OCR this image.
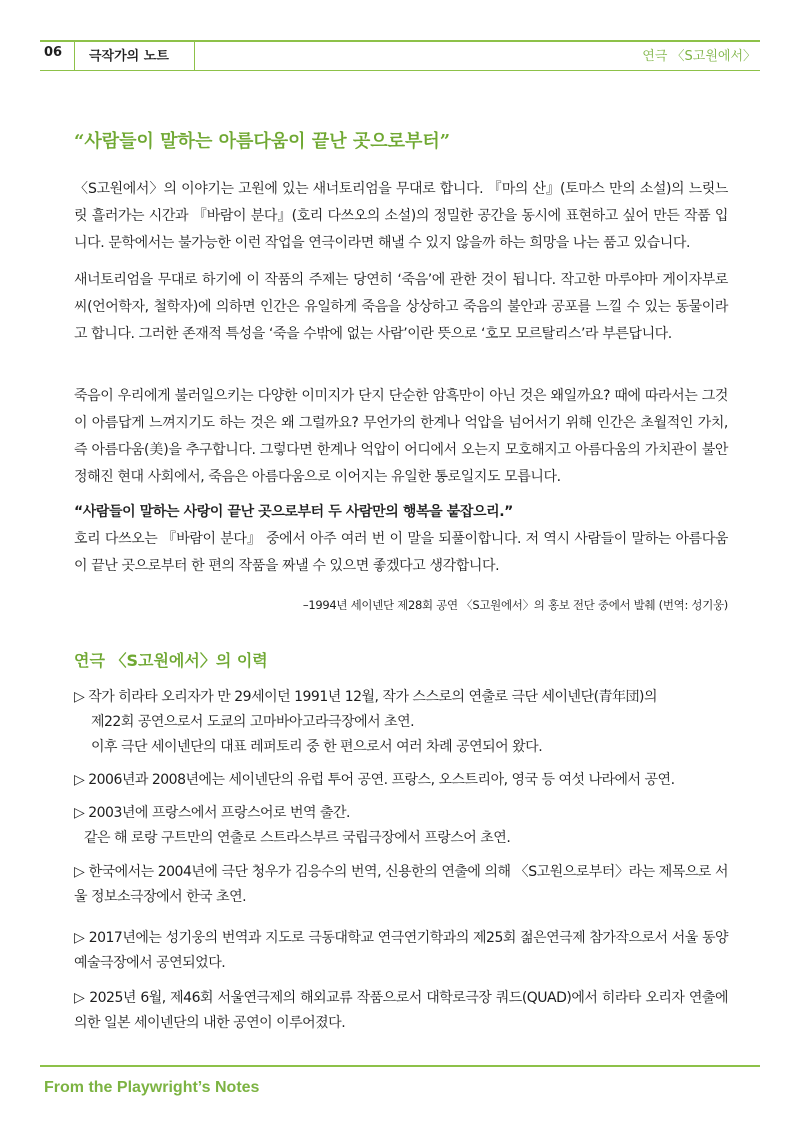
06 극작가의 노트	연극 〈S고원에서〉
“사람들이 말하는 아름다움이 끝난 곳으로부터”

〈S고원에서〉의 이야기는 고원에 있는 새너토리엄을 무대로 합니다. 『마의 산』(토마스 만의 소설)의 느릿느릿 흘러가는 시간과 『바람이 분다』(호리 다쓰오의 소설)의 정밀한 공간을 동시에 표현하고 싶어 만든 작품 입니다. 문학에서는 불가능한 이런 작업을 연극이라면 해낼 수 있지 않을까 하는 희망을 나는 품고 있습니다.

새너토리엄을 무대로 하기에 이 작품의 주제는 당연히 ‘죽음’에 관한 것이 됩니다. 작고한 마루야마 게이자부로 씨(언어학자, 철학자)에 의하면 인간은 유일하게 죽음을 상상하고 죽음의 불안과 공포를 느낄 수 있는 동물이라고 합니다. 그러한 존재적 특성을 ‘죽을 수밖에 없는 사람’이란 뜻으로 ‘호모 모르탈리스’라 부른답니다.

죽음이 우리에게 불러일으키는 다양한 이미지가 단지 단순한 암흑만이 아닌 것은 왜일까요? 때에 따라서는 그것이 아름답게 느껴지기도 하는 것은 왜 그럴까요? 무언가의 한계나 억압을 넘어서기 위해 인간은 초월적인 가치, 즉 아름다움(美)을 추구합니다. 그렇다면 한계나 억압이 어디에서 오는지 모호해지고 아름다움의 가치관이 불안정해진 현대 사회에서, 죽음은 아름다움으로 이어지는 유일한 통로일지도 모릅니다.

“사람들이 말하는 사랑이 끝난 곳으로부터 두 사람만의 행복을 붙잡으리.”

호리 다쓰오는 『바람이 분다』 중에서 아주 여러 번 이 말을 되풀이합니다. 저 역시 사람들이 말하는 아름다움이 끝난 곳으로부터 한 편의 작품을 짜낼 수 있으면 좋겠다고 생각합니다.

–1994년 세이넨단 제28회 공연 〈S고원에서〉의 홍보 전단 중에서 발췌 (번역: 성기웅)
연극 〈S고원에서〉의 이력
▷ 작가 히라타 오리자가 만 29세이던 1991년 12월, 작가 스스로의 연출로 극단 세이넨단(青年団)의
제22회 공연으로서 도쿄의 고마바아고라극장에서 초연.
이후 극단 세이넨단의 대표 레퍼토리 중 한 편으로서 여러 차례 공연되어 왔다.
▷ 2006년과 2008년에는 세이넨단의 유럽 투어 공연. 프랑스, 오스트리아, 영국 등 여섯 나라에서 공연.
▷ 2003년에 프랑스에서 프랑스어로 번역 출간.
같은 해 로랑 구트만의 연출로 스트라스부르 국립극장에서 프랑스어 초연.

▷ 한국에서는 2004년에 극단 청우가 김응수의 번역, 신용한의 연출에 의해 〈S고원으로부터〉라는 제목으로 서울 정보소극장에서 한국 초연.

▷ 2017년에는 성기웅의 번역과 지도로 극동대학교 연극연기학과의 제25회 젊은연극제 참가작으로서 서울 동양예술극장에서 공연되었다.

▷ 2025년 6월, 제46회 서울연극제의 해외교류 작품으로서 대학로극장 쿼드(QUAD)에서 히라타 오리자 연출에 의한 일본 세이넨단의 내한 공연이 이루어졌다.

From the Playwright’s Notes
